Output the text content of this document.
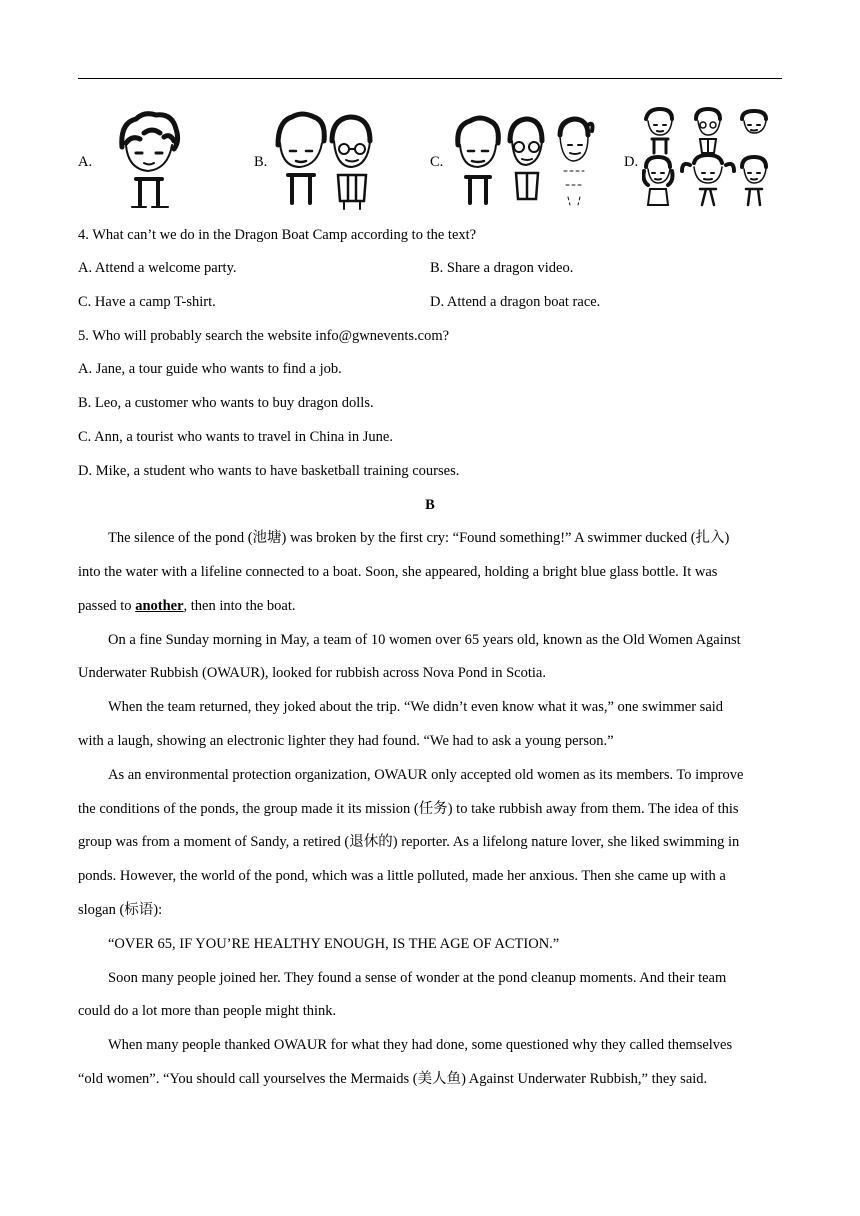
A.	B.	C.	D.
4. What can’t we do in the Dragon Boat Camp according to the text?
A. Attend a welcome party.	B. Share a dragon video.
C. Have a camp T-shirt.	D. Attend a dragon boat race.
5. Who will probably search the website info@gwnevents.com?
A. Jane, a tour guide who wants to find a job.
B. Leo, a customer who wants to buy dragon dolls.
C. Ann, a tourist who wants to travel in China in June.
D. Mike, a student who wants to have basketball training courses.
B
The silence of the pond (池塘) was broken by the first cry: “Found something!” A swimmer ducked (扎入)
into the water with a lifeline connected to a boat. Soon, she appeared, holding a bright blue glass bottle. It was
passed to another, then into the boat.
On a fine Sunday morning in May, a team of 10 women over 65 years old, known as the Old Women Against
Underwater Rubbish (OWAUR), looked for rubbish across Nova Pond in Scotia.
When the team returned, they joked about the trip. “We didn’t even know what it was,” one swimmer said
with a laugh, showing an electronic lighter they had found. “We had to ask a young person.”
As an environmental protection organization, OWAUR only accepted old women as its members. To improve
the conditions of the ponds, the group made it its mission (任务) to take rubbish away from them. The idea of this
group was from a moment of Sandy, a retired (退休的) reporter. As a lifelong nature lover, she liked swimming in
ponds. However, the world of the pond, which was a little polluted, made her anxious. Then she came up with a
slogan (标语):
“OVER 65, IF YOU’RE HEALTHY ENOUGH, IS THE AGE OF ACTION.”
Soon many people joined her. They found a sense of wonder at the pond cleanup moments. And their team
could do a lot more than people might think.
When many people thanked OWAUR for what they had done, some questioned why they called themselves
“old women”. “You should call yourselves the Mermaids (美人鱼) Against Underwater Rubbish,” they said.
